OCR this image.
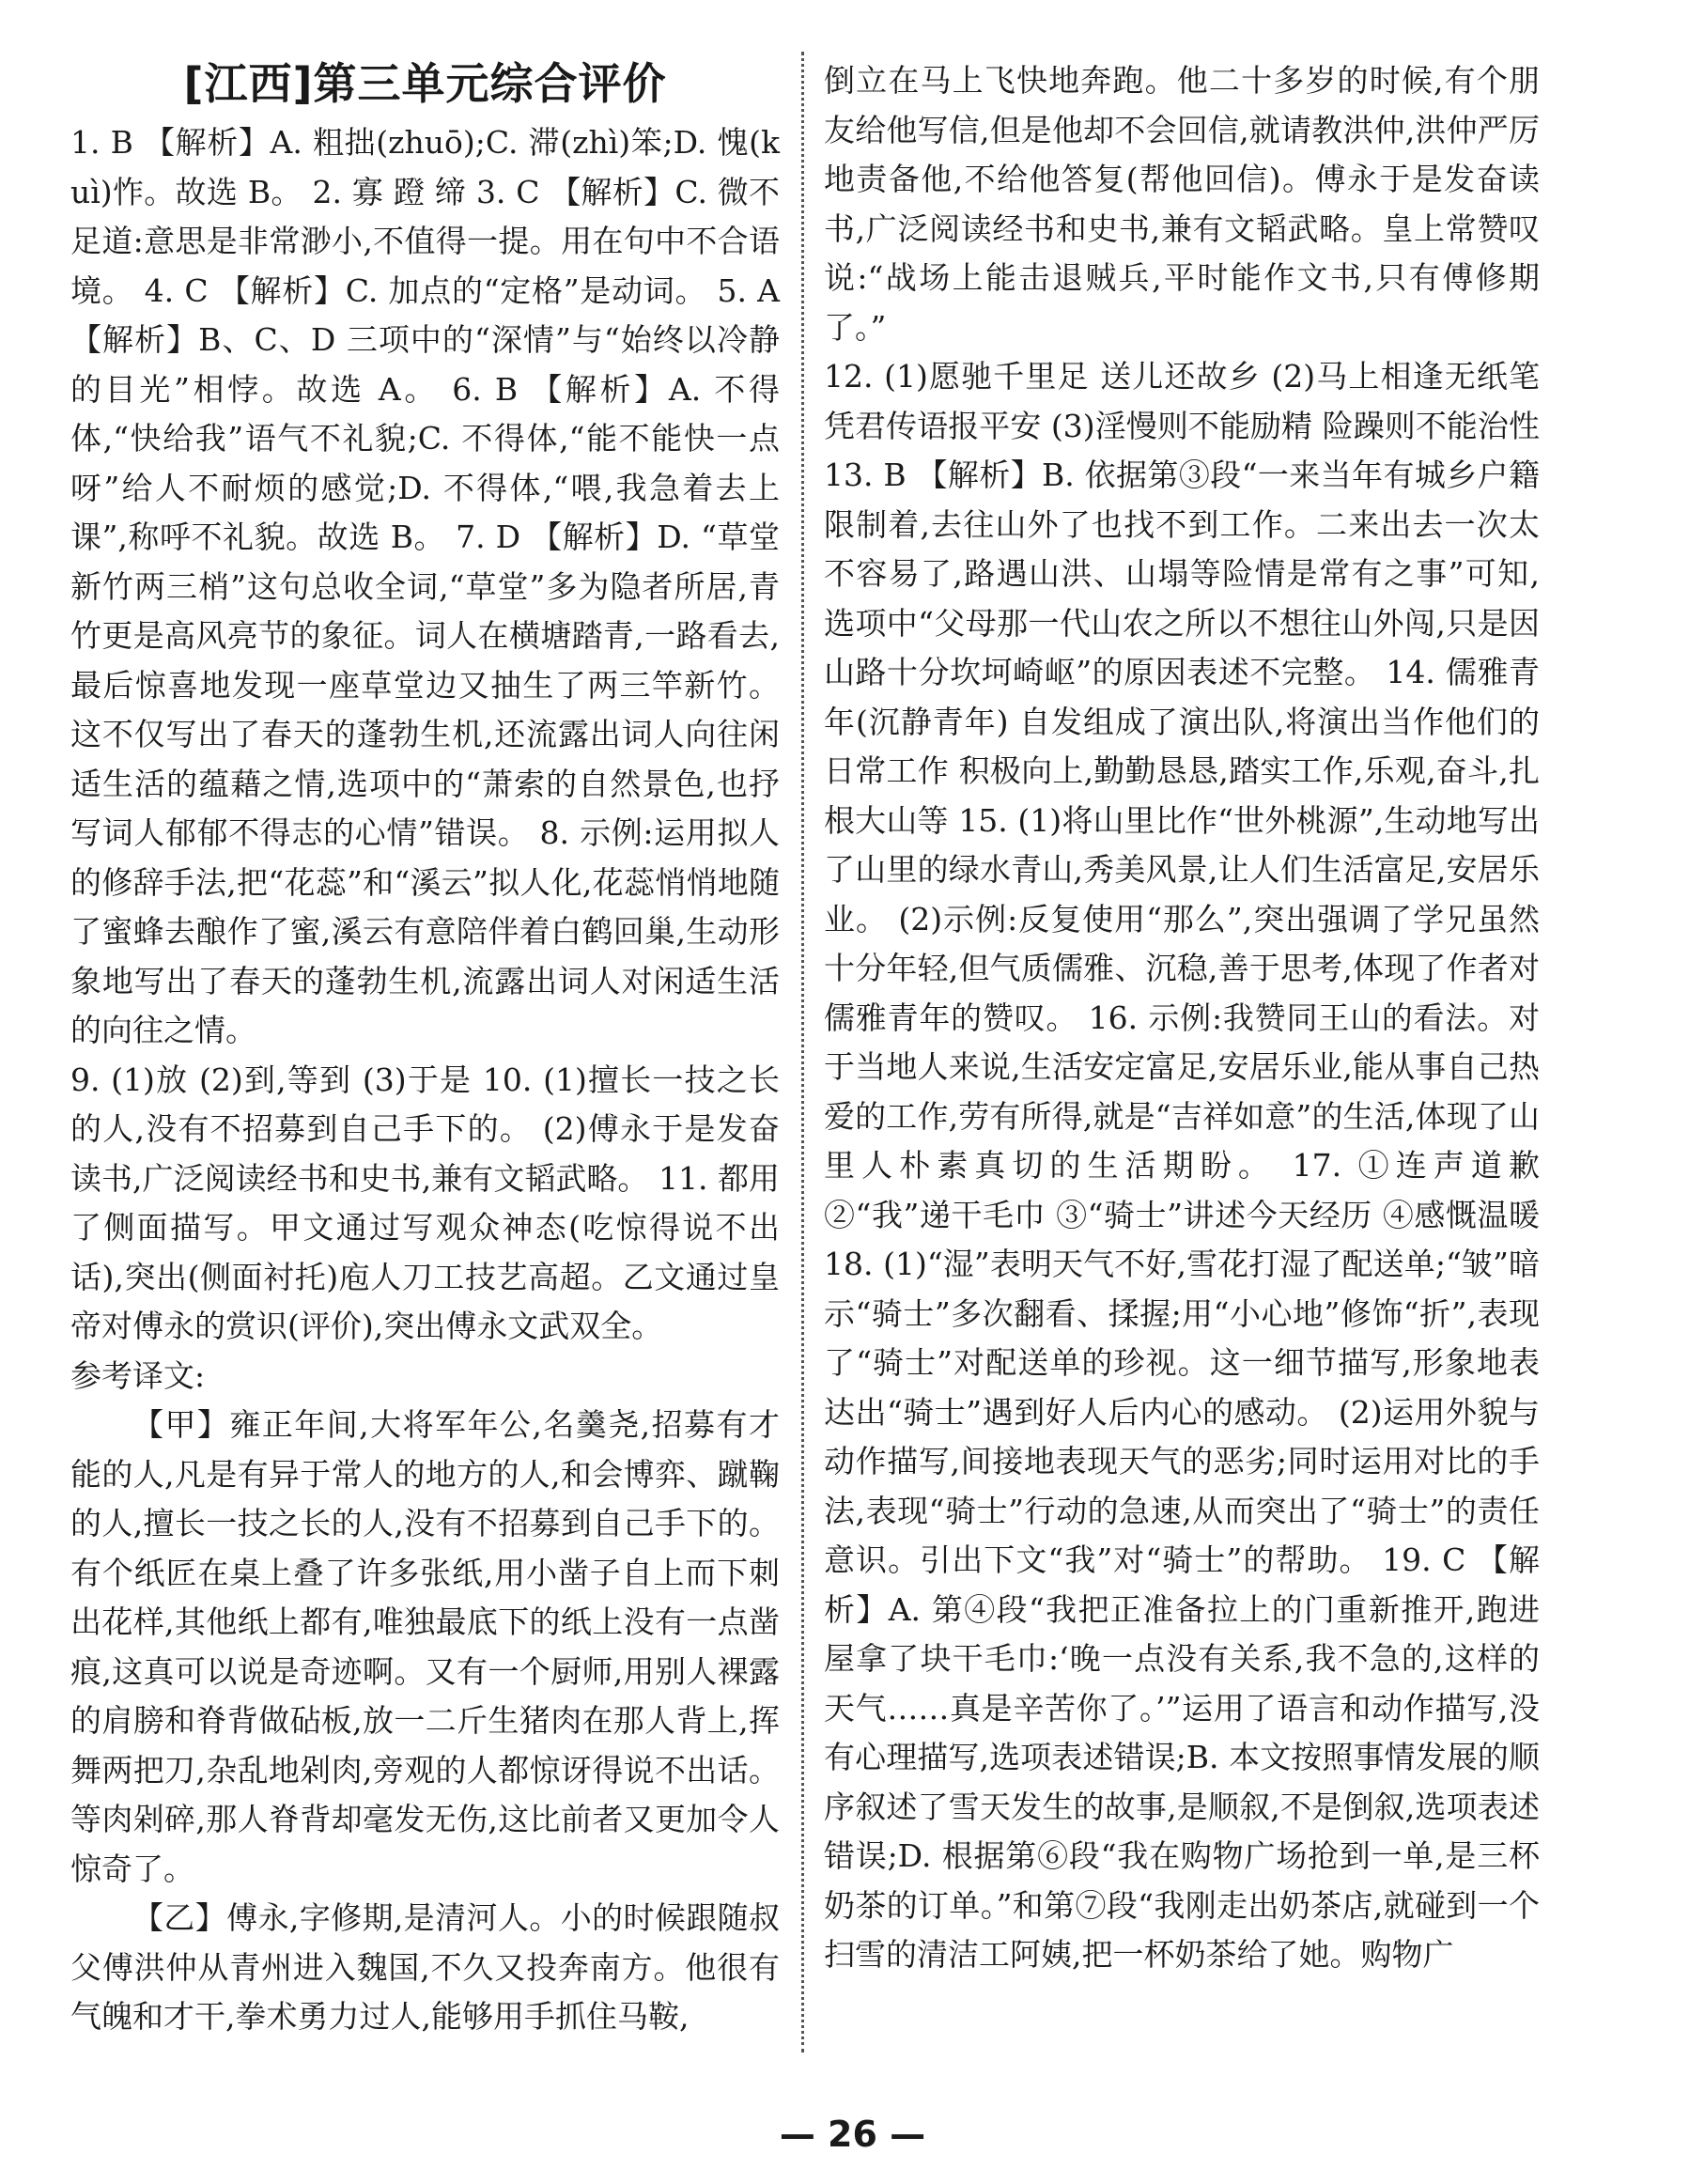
[江西]第三单元综合评价

1. B 【解析】A. 粗拙(zhuō);C. 滞(zhì)笨;D. 愧(kuì)怍。故选 B。 2. 寡 蹬 缔 3. C 【解析】C. 微不足道:意思是非常渺小,不值得一提。用在句中不合语境。 4. C 【解析】C. 加点的“定格”是动词。 5. A 【解析】B、C、D 三项中的“深情”与“始终以冷静的目光”相悖。故选 A。 6. B 【解析】A. 不得体,“快给我”语气不礼貌;C. 不得体,“能不能快一点呀”给人不耐烦的感觉;D. 不得体,“喂,我急着去上课”,称呼不礼貌。故选 B。 7. D 【解析】D. “草堂新竹两三梢”这句总收全词,“草堂”多为隐者所居,青竹更是高风亮节的象征。词人在横塘踏青,一路看去,最后惊喜地发现一座草堂边又抽生了两三竿新竹。这不仅写出了春天的蓬勃生机,还流露出词人向往闲适生活的蕴藉之情,选项中的“萧索的自然景色,也抒写词人郁郁不得志的心情”错误。 8. 示例:运用拟人的修辞手法,把“花蕊”和“溪云”拟人化,花蕊悄悄地随了蜜蜂去酿作了蜜,溪云有意陪伴着白鹤回巢,生动形象地写出了春天的蓬勃生机,流露出词人对闲适生活的向往之情。

9. (1)放 (2)到,等到 (3)于是 10. (1)擅长一技之长的人,没有不招募到自己手下的。 (2)傅永于是发奋读书,广泛阅读经书和史书,兼有文韬武略。 11. 都用了侧面描写。甲文通过写观众神态(吃惊得说不出话),突出(侧面衬托)庖人刀工技艺高超。乙文通过皇帝对傅永的赏识(评价),突出傅永文武双全。

参考译文:

【甲】雍正年间,大将军年公,名羹尧,招募有才能的人,凡是有异于常人的地方的人,和会博弈、蹴鞠的人,擅长一技之长的人,没有不招募到自己手下的。有个纸匠在桌上叠了许多张纸,用小凿子自上而下刺出花样,其他纸上都有,唯独最底下的纸上没有一点凿痕,这真可以说是奇迹啊。又有一个厨师,用别人裸露的肩膀和脊背做砧板,放一二斤生猪肉在那人背上,挥舞两把刀,杂乱地剁肉,旁观的人都惊讶得说不出话。等肉剁碎,那人脊背却毫发无伤,这比前者又更加令人惊奇了。

【乙】傅永,字修期,是清河人。小的时候跟随叔父傅洪仲从青州进入魏国,不久又投奔南方。他很有气魄和才干,拳术勇力过人,能够用手抓住马鞍,

倒立在马上飞快地奔跑。他二十多岁的时候,有个朋友给他写信,但是他却不会回信,就请教洪仲,洪仲严厉地责备他,不给他答复(帮他回信)。傅永于是发奋读书,广泛阅读经书和史书,兼有文韬武略。皇上常赞叹说:“战场上能击退贼兵,平时能作文书,只有傅修期了。”

12. (1)愿驰千里足 送儿还故乡 (2)马上相逢无纸笔 凭君传语报平安 (3)淫慢则不能励精 险躁则不能治性 13. B 【解析】B. 依据第③段“一来当年有城乡户籍限制着,去往山外了也找不到工作。二来出去一次太不容易了,路遇山洪、山塌等险情是常有之事”可知,选项中“父母那一代山农之所以不想往山外闯,只是因山路十分坎坷崎岖”的原因表述不完整。 14. 儒雅青年(沉静青年) 自发组成了演出队,将演出当作他们的日常工作 积极向上,勤勤恳恳,踏实工作,乐观,奋斗,扎根大山等 15. (1)将山里比作“世外桃源”,生动地写出了山里的绿水青山,秀美风景,让人们生活富足,安居乐业。 (2)示例:反复使用“那么”,突出强调了学兄虽然十分年轻,但气质儒雅、沉稳,善于思考,体现了作者对儒雅青年的赞叹。 16. 示例:我赞同王山的看法。对于当地人来说,生活安定富足,安居乐业,能从事自己热爱的工作,劳有所得,就是“吉祥如意”的生活,体现了山里人朴素真切的生活期盼。 17. ①连声道歉 ②“我”递干毛巾 ③“骑士”讲述今天经历 ④感慨温暖 18. (1)“湿”表明天气不好,雪花打湿了配送单;“皱”暗示“骑士”多次翻看、揉握;用“小心地”修饰“折”,表现了“骑士”对配送单的珍视。这一细节描写,形象地表达出“骑士”遇到好人后内心的感动。 (2)运用外貌与动作描写,间接地表现天气的恶劣;同时运用对比的手法,表现“骑士”行动的急速,从而突出了“骑士”的责任意识。引出下文“我”对“骑士”的帮助。 19. C 【解析】A. 第④段“我把正准备拉上的门重新推开,跑进屋拿了块干毛巾:‘晚一点没有关系,我不急的,这样的天气……真是辛苦你了。’”运用了语言和动作描写,没有心理描写,选项表述错误;B. 本文按照事情发展的顺序叙述了雪天发生的故事,是顺叙,不是倒叙,选项表述错误;D. 根据第⑥段“我在购物广场抢到一单,是三杯奶茶的订单。”和第⑦段“我刚走出奶茶店,就碰到一个扫雪的清洁工阿姨,把一杯奶茶给了她。购物广

— 26 —
